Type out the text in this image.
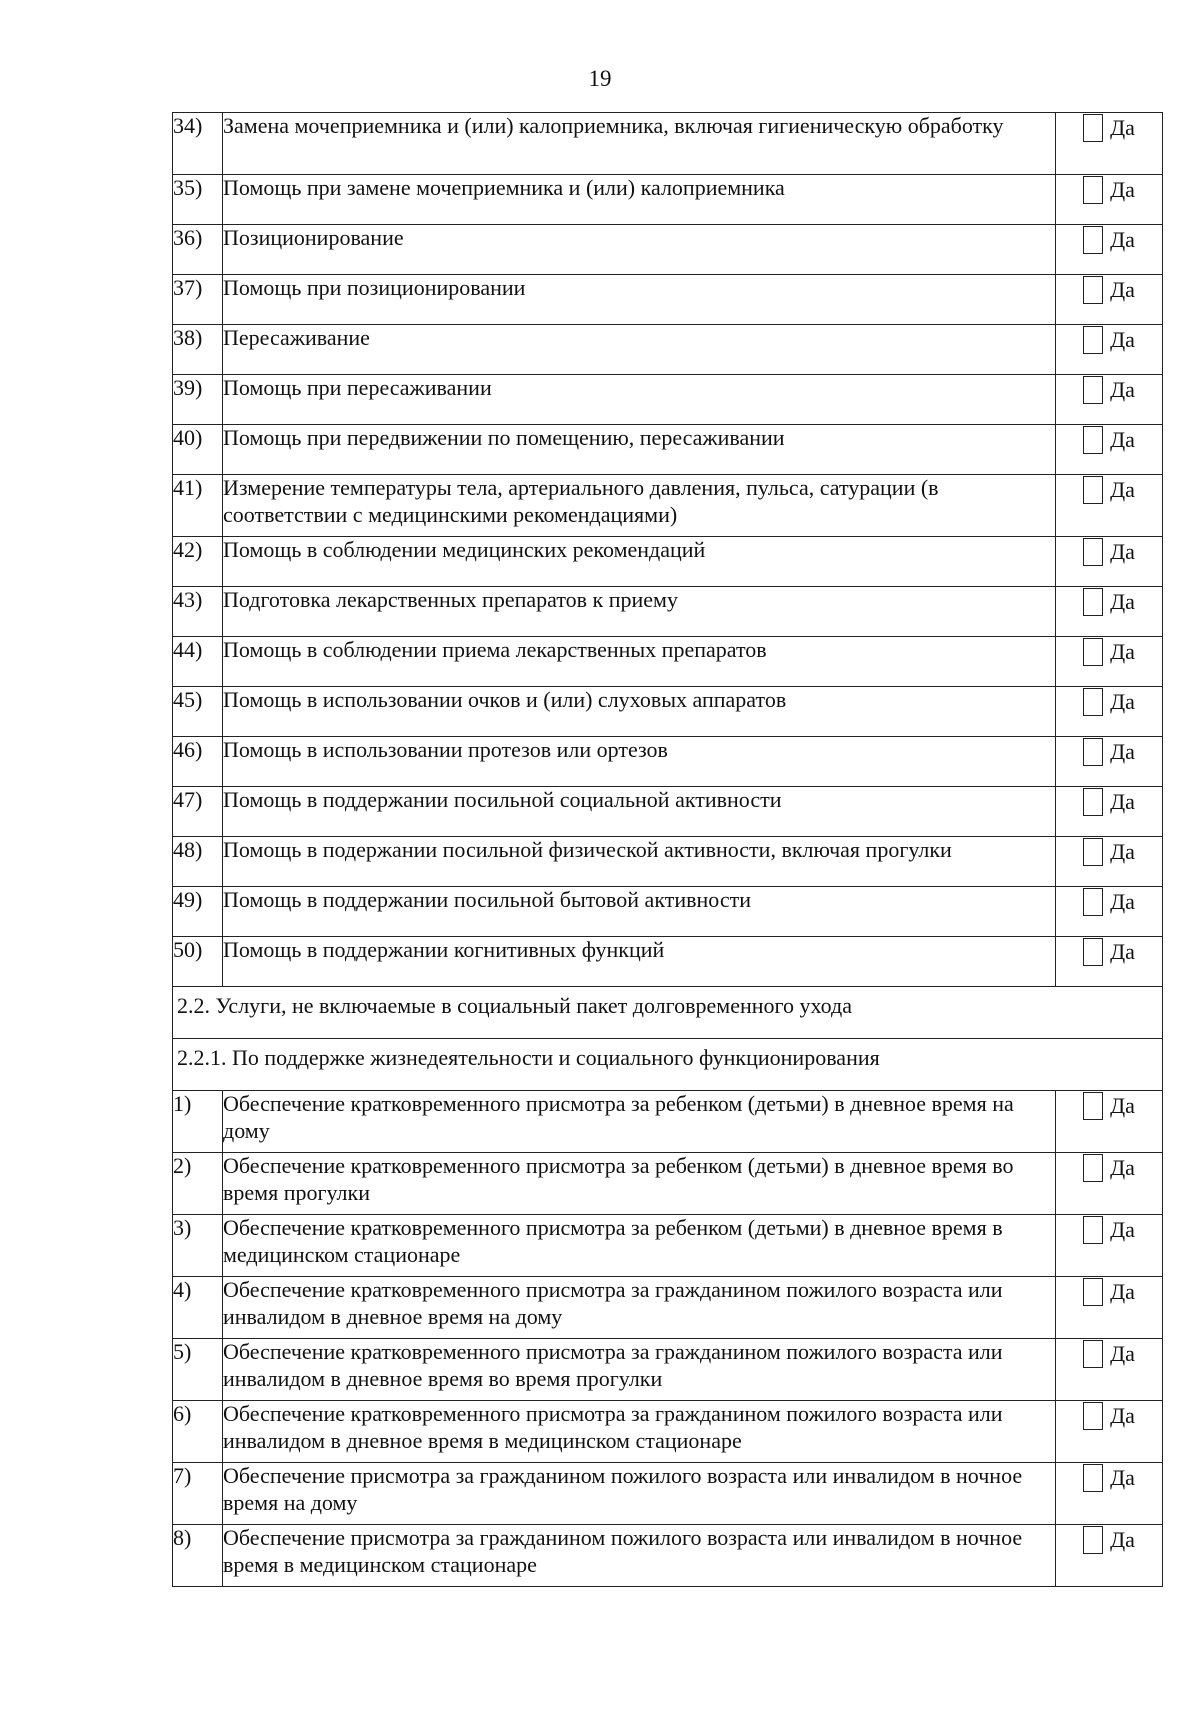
19
34)	Замена мочеприемника и (или) калоприемника, включая гигиеническую обработку	Да
35)	Помощь при замене мочеприемника и (или) калоприемника	Да
36)	Позиционирование	Да
37)	Помощь при позиционировании	Да
38)	Пересаживание	Да
39)	Помощь при пересаживании	Да
40)	Помощь при передвижении по помещению, пересаживании	Да
41)	Измерение температуры тела, артериального давления, пульса, сатурации (в соответствии с медицинскими рекомендациями)	Да
42)	Помощь в соблюдении медицинских рекомендаций	Да
43)	Подготовка лекарственных препаратов к приему	Да
44)	Помощь в соблюдении приема лекарственных препаратов	Да
45)	Помощь в использовании очков и (или) слуховых аппаратов	Да
46)	Помощь в использовании протезов или ортезов	Да
47)	Помощь в поддержании посильной социальной активности	Да
48)	Помощь в подержании посильной физической активности, включая прогулки	Да
49)	Помощь в поддержании посильной бытовой активности	Да
50)	Помощь в поддержании когнитивных функций	Да
2.2. Услуги, не включаемые в социальный пакет долговременного ухода		
2.2.1. По поддержке жизнедеятельности и социального функционирования		
1)	Обеспечение кратковременного присмотра за ребенком (детьми) в дневное время на дому	Да
2)	Обеспечение кратковременного присмотра за ребенком (детьми) в дневное время во время прогулки	Да
3)	Обеспечение кратковременного присмотра за ребенком (детьми) в дневное время в медицинском стационаре	Да
4)	Обеспечение кратковременного присмотра за гражданином пожилого возраста или инвалидом в дневное время на дому	Да
5)	Обеспечение кратковременного присмотра за гражданином пожилого возраста или инвалидом в дневное время во время прогулки	Да
6)	Обеспечение кратковременного присмотра за гражданином пожилого возраста или инвалидом в дневное время в медицинском стационаре	Да
7)	Обеспечение присмотра за гражданином пожилого возраста или инвалидом в ночное время на дому	Да
8)	Обеспечение присмотра за гражданином пожилого возраста или инвалидом в ночное время в медицинском стационаре	Да
